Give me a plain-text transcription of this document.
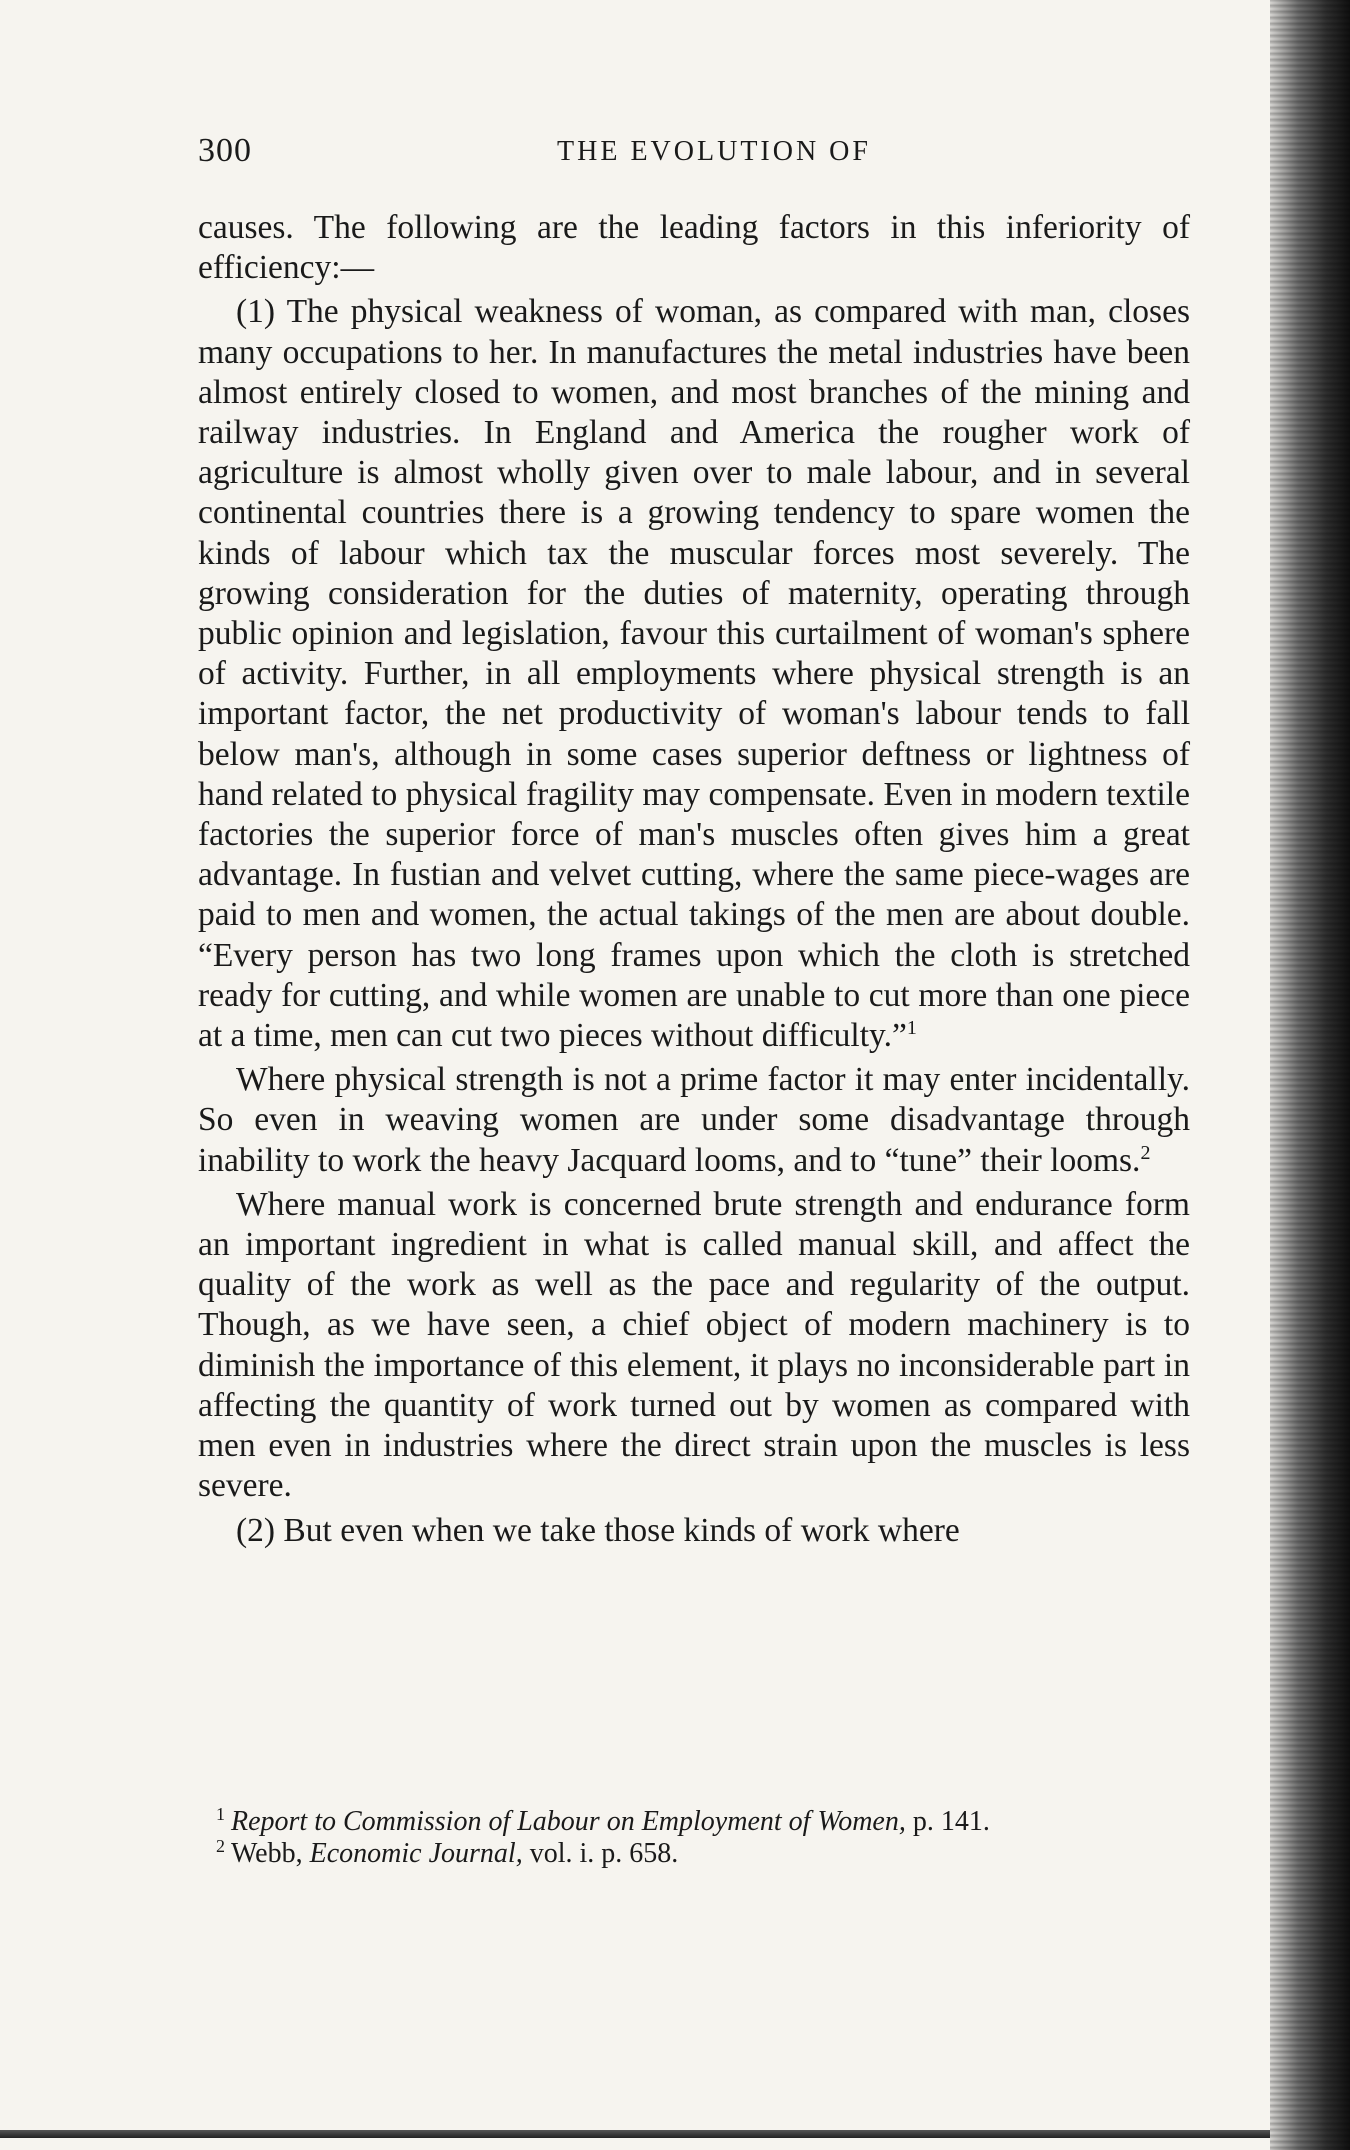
300	THE EVOLUTION OF

causes. The following are the leading factors in this inferiority of efficiency:—

(1) The physical weakness of woman, as compared with man, closes many occupations to her. In manufactures the metal industries have been almost entirely closed to women, and most branches of the mining and railway industries. In England and America the rougher work of agriculture is almost wholly given over to male labour, and in several continental countries there is a growing tendency to spare women the kinds of labour which tax the muscular forces most severely. The growing consideration for the duties of maternity, operating through public opinion and legislation, favour this curtailment of woman's sphere of activity. Further, in all employments where physical strength is an important factor, the net productivity of woman's labour tends to fall below man's, although in some cases superior deftness or lightness of hand related to physical fragility may compensate. Even in modern textile factories the superior force of man's muscles often gives him a great advantage. In fustian and velvet cutting, where the same piece-wages are paid to men and women, the actual takings of the men are about double. “Every person has two long frames upon which the cloth is stretched ready for cutting, and while women are unable to cut more than one piece at a time, men can cut two pieces without difficulty.”$^1$

Where physical strength is not a prime factor it may enter incidentally. So even in weaving women are under some disadvantage through inability to work the heavy Jacquard looms, and to “tune” their looms.$^2$

Where manual work is concerned brute strength and endurance form an important ingredient in what is called manual skill, and affect the quality of the work as well as the pace and regularity of the output. Though, as we have seen, a chief object of modern machinery is to diminish the importance of this element, it plays no inconsiderable part in affecting the quantity of work turned out by women as compared with men even in industries where the direct strain upon the muscles is less severe.

(2) But even when we take those kinds of work where

$^1$ Report to Commission of Labour on Employment of Women, p. 141.

$^2$ Webb, Economic Journal, vol. i. p. 658.
